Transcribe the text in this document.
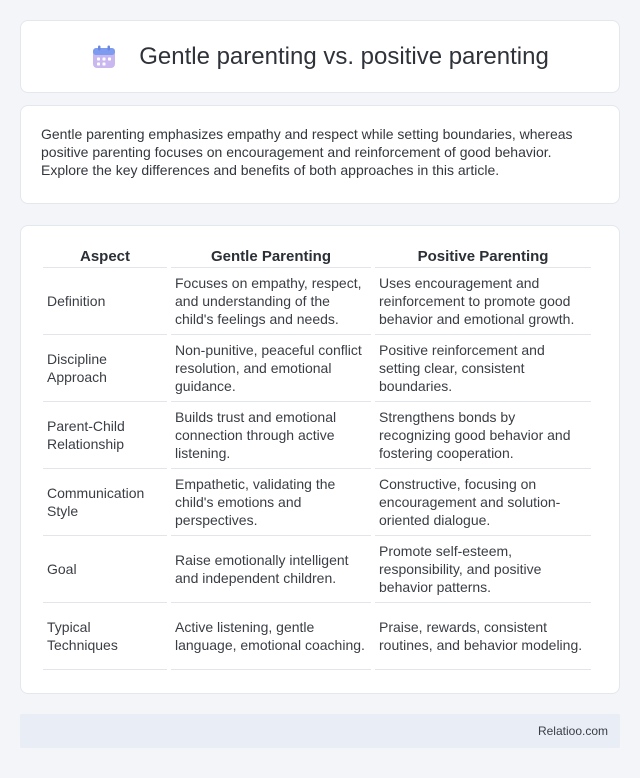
Gentle parenting vs. positive parenting

Gentle parenting emphasizes empathy and respect while setting boundaries, whereas positive parenting focuses on encouragement and reinforcement of good behavior. Explore the key differences and benefits of both approaches in this article.

Aspect	Gentle Parenting	Positive Parenting
Definition	Focuses on empathy, respect, and understanding of the child's feelings and needs.	Uses encouragement and reinforcement to promote good behavior and emotional growth.
Discipline Approach	Non-punitive, peaceful conflict resolution, and emotional guidance.	Positive reinforcement and setting clear, consistent boundaries.
Parent-Child Relationship	Builds trust and emotional connection through active listening.	Strengthens bonds by recognizing good behavior and fostering cooperation.
Communication Style	Empathetic, validating the child's emotions and perspectives.	Constructive, focusing on encouragement and solution-oriented dialogue.
Goal	Raise emotionally intelligent and independent children.	Promote self-esteem, responsibility, and positive behavior patterns.
Typical Techniques	Active listening, gentle language, emotional coaching.	Praise, rewards, consistent routines, and behavior modeling.
Relatioo.com
